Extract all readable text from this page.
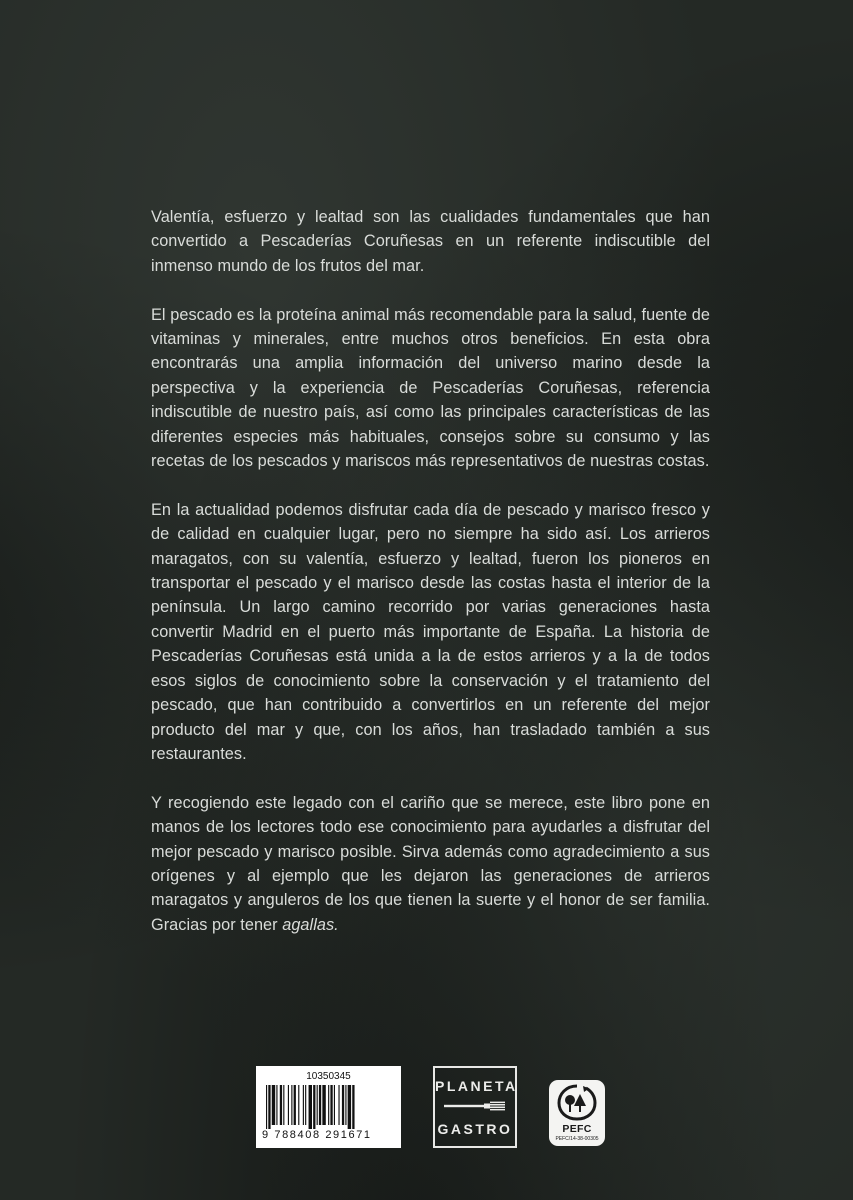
Valentía, esfuerzo y lealtad son las cualidades fundamentales que han convertido a Pescaderías Coruñesas en un referente indiscutible del inmenso mundo de los frutos del mar.

El pescado es la proteína animal más recomendable para la salud, fuente de vitaminas y minerales, entre muchos otros beneficios. En esta obra encontrarás una amplia información del universo marino desde la perspectiva y la experiencia de Pescaderías Coruñesas, referencia indiscutible de nuestro país, así como las principales características de las diferentes especies más habituales, consejos sobre su consumo y las recetas de los pescados y mariscos más representativos de nuestras costas.

En la actualidad podemos disfrutar cada día de pescado y marisco fresco y de calidad en cualquier lugar, pero no siempre ha sido así. Los arrieros maragatos, con su valentía, esfuerzo y lealtad, fueron los pioneros en transportar el pescado y el marisco desde las costas hasta el interior de la península. Un largo camino recorrido por varias generaciones hasta convertir Madrid en el puerto más importante de España. La historia de Pescaderías Coruñesas está unida a la de estos arrieros y a la de todos esos siglos de conocimiento sobre la conservación y el tratamiento del pescado, que han contribuido a convertirlos en un referente del mejor producto del mar y que, con los años, han trasladado también a sus restaurantes.

Y recogiendo este legado con el cariño que se merece, este libro pone en manos de los lectores todo ese conocimiento para ayudarles a disfrutar del mejor pescado y marisco posible. Sirva además como agradecimiento a sus orígenes y al ejemplo que les dejaron las generaciones de arrieros maragatos y anguleros de los que tienen la suerte y el honor de ser familia. Gracias por tener agallas.

10350345
9 788408 291671
PLANETA
GASTRO	PEFC
PEFC/14-38-00305
